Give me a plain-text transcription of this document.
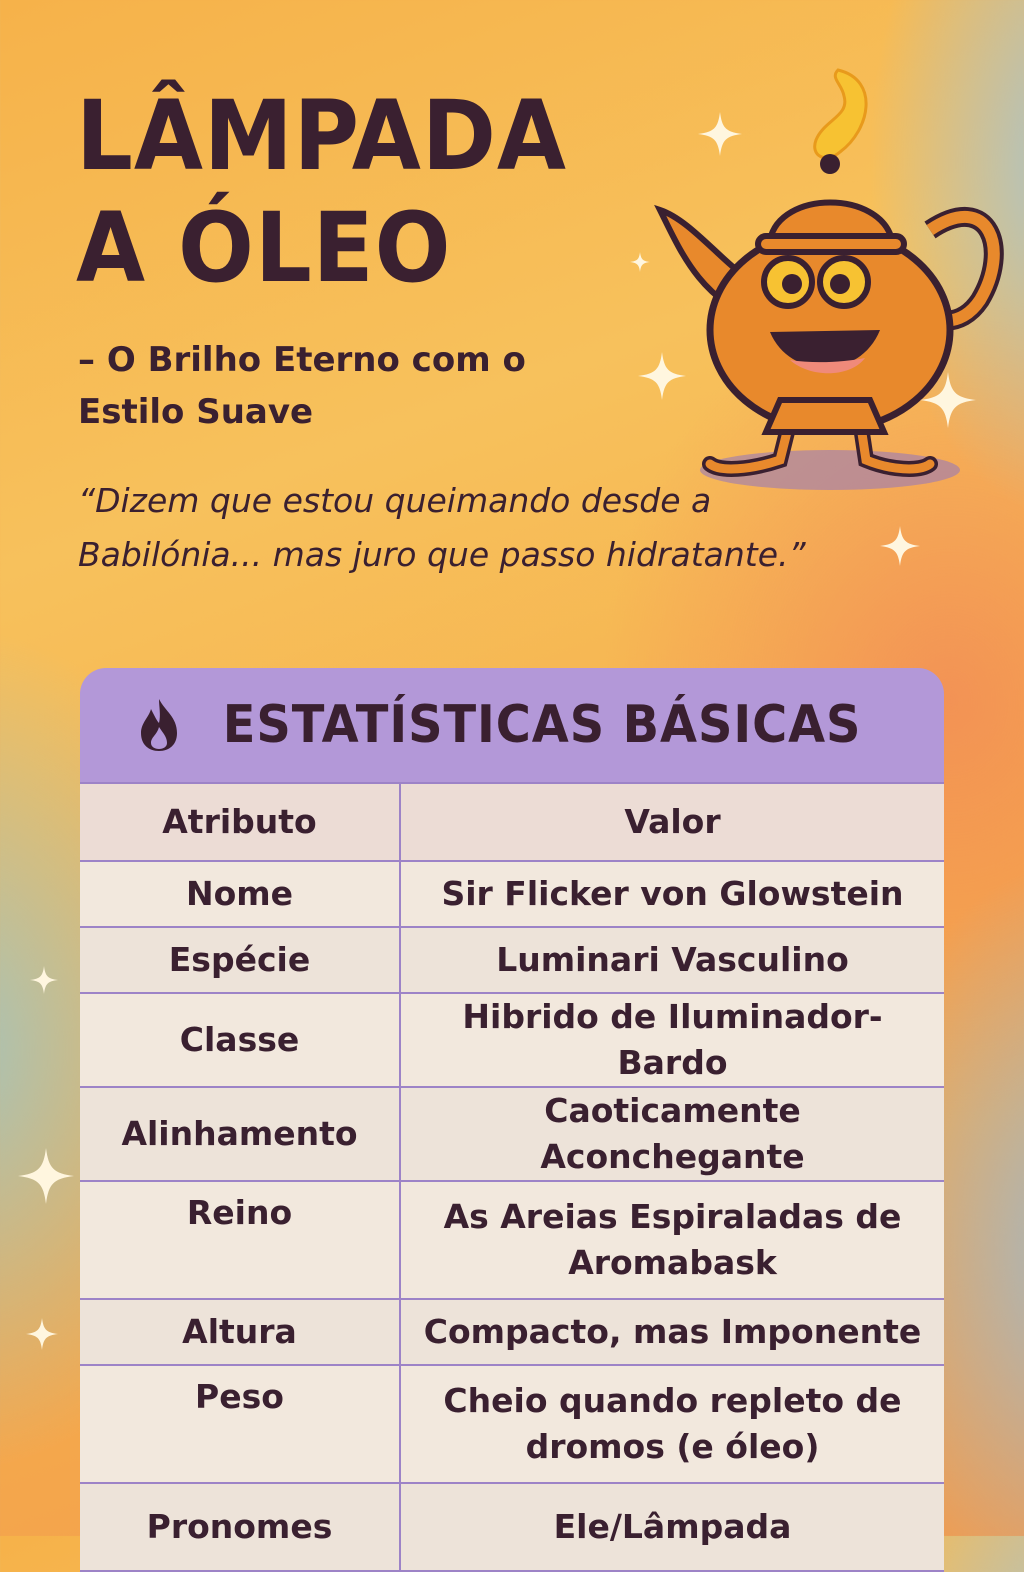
LÂMPADA
A ÓLEO
– O Brilho Eterno com o Estilo Suave
“Dizem que estou queimando desde a Babilónia... mas juro que passo hidratante.”
ESTATÍSTICAS BÁSICAS
Atributo	Valor
Nome	Sir Flicker von Glowstein
Espécie	Luminari Vasculino
Classe	Hibrido de Iluminador-Bardo
Alinhamento	Caoticamente Aconchegante
Reino	As Areias Espiraladas de Aromabask
Altura	Compacto, mas Imponente
Peso	Cheio quando repleto de dromos (e óleo)
Pronomes	Ele/Lâmpada
